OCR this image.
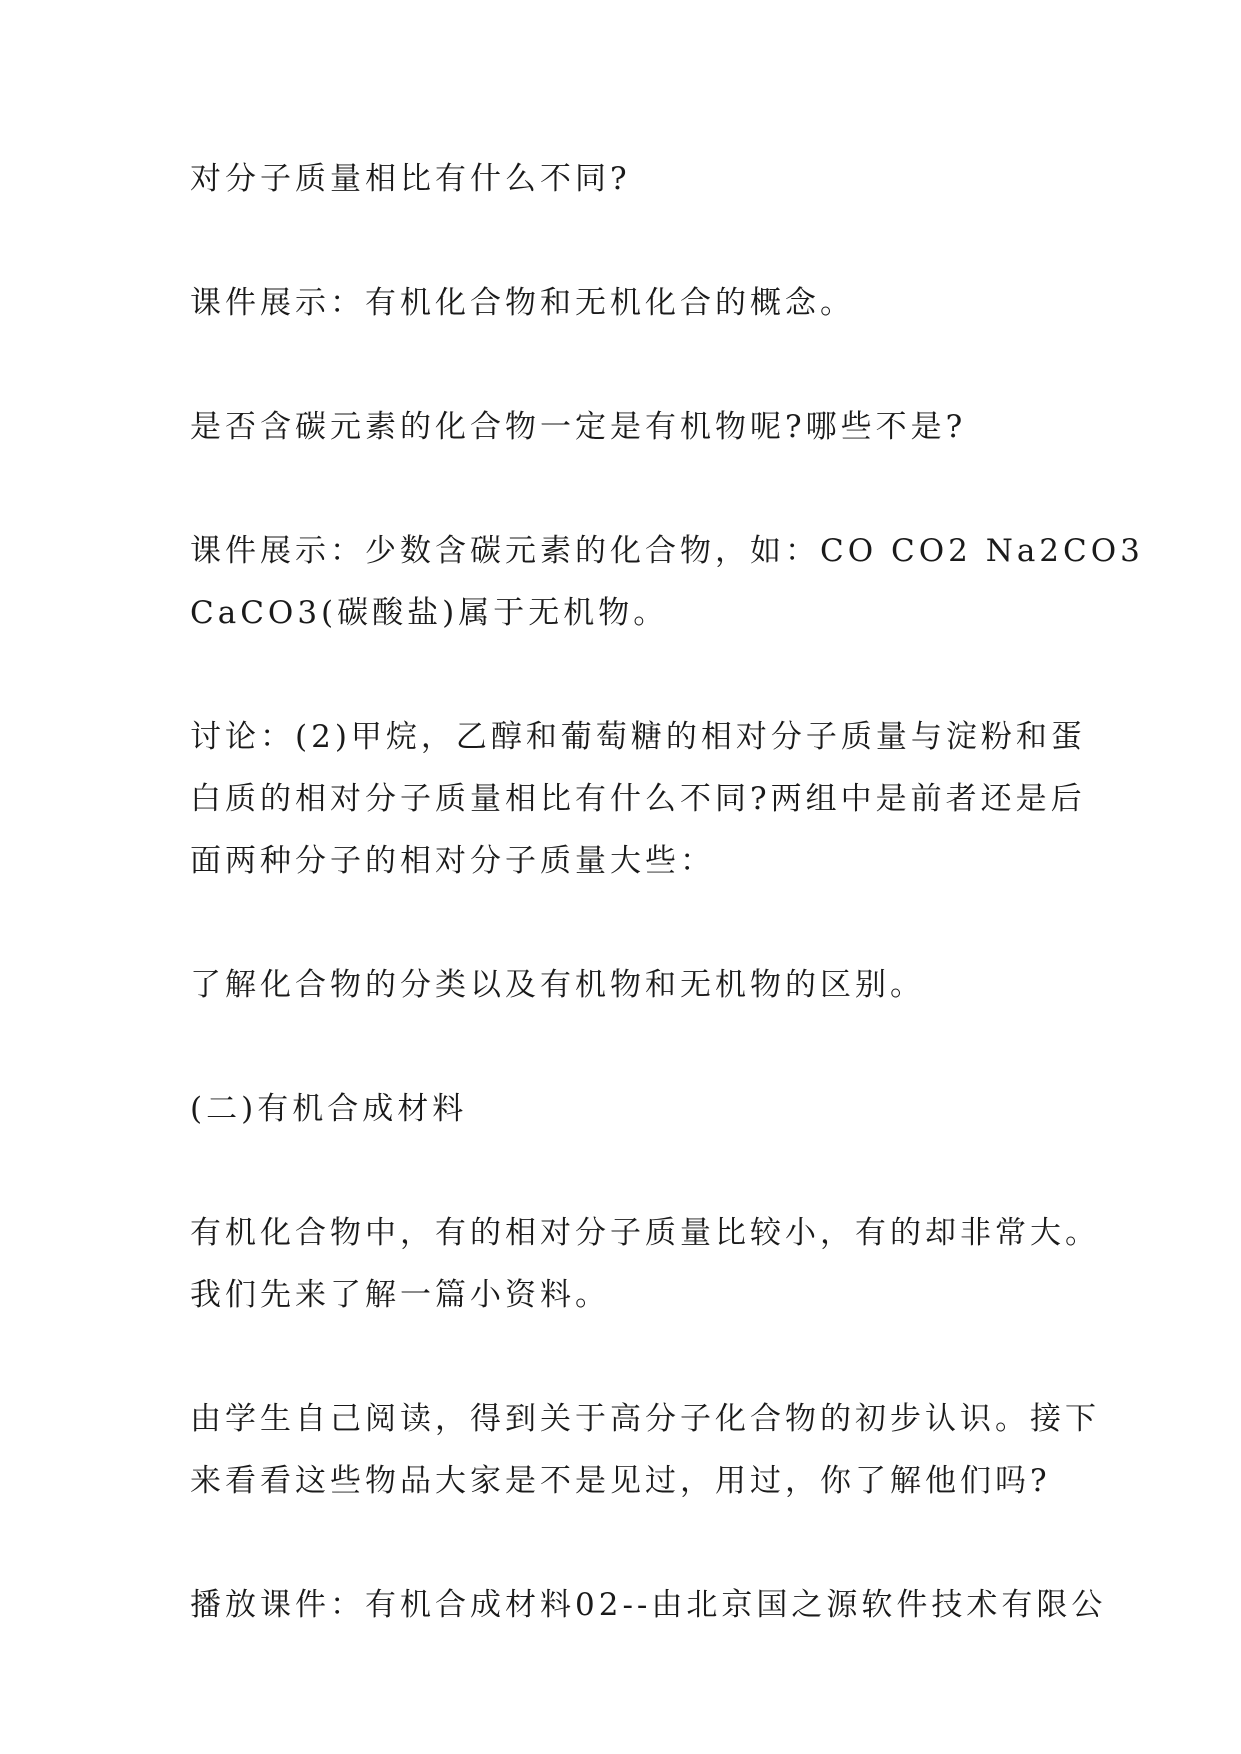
对分子质量相比有什么不同?

课件展示：有机化合物和无机化合的概念。

是否含碳元素的化合物一定是有机物呢?哪些不是?

课件展示：少数含碳元素的化合物，如：CO CO2 Na2CO3
CaCO3(碳酸盐)属于无机物。

讨论：(2)甲烷，乙醇和葡萄糖的相对分子质量与淀粉和蛋
白质的相对分子质量相比有什么不同?两组中是前者还是后
面两种分子的相对分子质量大些：

了解化合物的分类以及有机物和无机物的区别。

(二)有机合成材料

有机化合物中，有的相对分子质量比较小，有的却非常大。
我们先来了解一篇小资料。

由学生自己阅读，得到关于高分子化合物的初步认识。接下
来看看这些物品大家是不是见过，用过，你了解他们吗?

播放课件：有机合成材料02--由北京国之源软件技术有限公
